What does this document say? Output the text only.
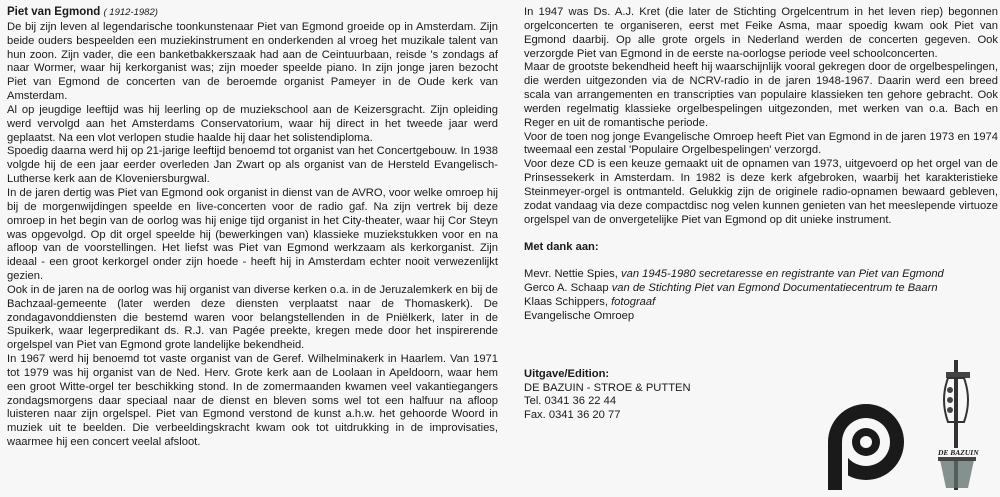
Piet van Egmond ( 1912-1982)

De bij zijn leven al legendarische toonkunstenaar Piet van Egmond groeide op in Amsterdam. Zijn beide ouders bespeelden een muziekinstrument en onderkenden al vroeg het muzikale talent van hun zoon. Zijn vader, die een banketbakkerszaak had aan de Ceintuurbaan, reisde 's zondags af naar Wormer, waar hij kerkorganist was; zijn moeder speelde piano. In zijn jonge jaren bezocht Piet van Egmond de concerten van de beroemde organist Pameyer in de Oude kerk van Amsterdam.

Al op jeugdige leeftijd was hij leerling op de muziekschool aan de Keizersgracht. Zijn opleiding werd vervolgd aan het Amsterdams Conservatorium, waar hij direct in het tweede jaar werd geplaatst. Na een vlot verlopen studie haalde hij daar het solistendiploma.

Spoedig daarna werd hij op 21-jarige leeftijd benoemd tot organist van het Concertgebouw. In 1938 volgde hij de een jaar eerder overleden Jan Zwart op als organist van de Hersteld Evangelisch-Lutherse kerk aan de Kloveniersburgwal.

In de jaren dertig was Piet van Egmond ook organist in dienst van de AVRO, voor welke omroep hij bij de morgenwijdingen speelde en live-concerten voor de radio gaf. Na zijn vertrek bij deze omroep in het begin van de oorlog was hij enige tijd organist in het City-theater, waar hij Cor Steyn was opgevolgd. Op dit orgel speelde hij (bewerkingen van) klassieke muziekstukken voor en na afloop van de voorstellingen. Het liefst was Piet van Egmond werkzaam als kerkorganist. Zijn ideaal - een groot kerkorgel onder zijn hoede - heeft hij in Amsterdam echter nooit verwezenlijkt gezien.

Ook in de jaren na de oorlog was hij organist van diverse kerken o.a. in de Jeruzalemkerk en bij de Bachzaal-gemeente (later werden deze diensten verplaatst naar de Thomaskerk). De zondagavonddiensten die bestemd waren voor belangstellenden in de Pniëlkerk, later in de Spuikerk, waar legerpredikant ds. R.J. van Pagée preekte, kregen mede door het inspirerende orgelspel van Piet van Egmond grote landelijke bekendheid.

In 1967 werd hij benoemd tot vaste organist van de Geref. Wilhelminakerk in Haarlem. Van 1971 tot 1979 was hij organist van de Ned. Herv. Grote kerk aan de Loolaan in Apeldoorn, waar hem een groot Witte-orgel ter beschikking stond. In de zomermaanden kwamen veel vakantiegangers zondagsmorgens daar speciaal naar de dienst en bleven soms wel tot een halfuur na afloop luisteren naar zijn orgelspel. Piet van Egmond verstond de kunst a.h.w. het gehoorde Woord in muziek uit te beelden. Die verbeeldingskracht kwam ook tot uitdrukking in de improvisaties, waarmee hij een concert veelal afsloot.

In 1947 was Ds. A.J. Kret (die later de Stichting Orgelcentrum in het leven riep) begonnen orgelconcerten te organiseren, eerst met Feike Asma, maar spoedig kwam ook Piet van Egmond daarbij. Op alle grote orgels in Nederland werden de concerten gegeven. Ook verzorgde Piet van Egmond in de eerste na-oorlogse periode veel schoolconcerten.

Maar de grootste bekendheid heeft hij waarschijnlijk vooral gekregen door de orgelbespelingen, die werden uitgezonden via de NCRV-radio in de jaren 1948-1967. Daarin werd een breed scala van arrangementen en transcripties van populaire klassieken ten gehore gebracht. Ook werden regelmatig klassieke orgelbespelingen uitgezonden, met werken van o.a. Bach en Reger en uit de romantische periode.

Voor de toen nog jonge Evangelische Omroep heeft Piet van Egmond in de jaren 1973 en 1974 tweemaal een zestal 'Populaire Orgelbespelingen' verzorgd.

Voor deze CD is een keuze gemaakt uit de opnamen van 1973, uitgevoerd op het orgel van de Prinsessekerk in Amsterdam. In 1982 is deze kerk afgebroken, waarbij het karakteristieke Steinmeyer-orgel is ontmanteld. Gelukkig zijn de originele radio-opnamen bewaard gebleven, zodat vandaag via deze compactdisc nog velen kunnen genieten van het meeslepende virtuoze orgelspel van de onvergetelijke Piet van Egmond op dit unieke instrument.

Met dank aan:
Mevr. Nettie Spies, van 1945-1980 secretaresse en registrante van Piet van Egmond
Gerco A. Schaap van de Stichting Piet van Egmond Documentatiecentrum te Baarn
Klaas Schippers, fotograaf
Evangelische Omroep
Uitgave/Edition:
DE BAZUIN - STROE & PUTTEN
Tel. 0341 36 22 44
Fax. 0341 36 20 77
DE BAZUIN
